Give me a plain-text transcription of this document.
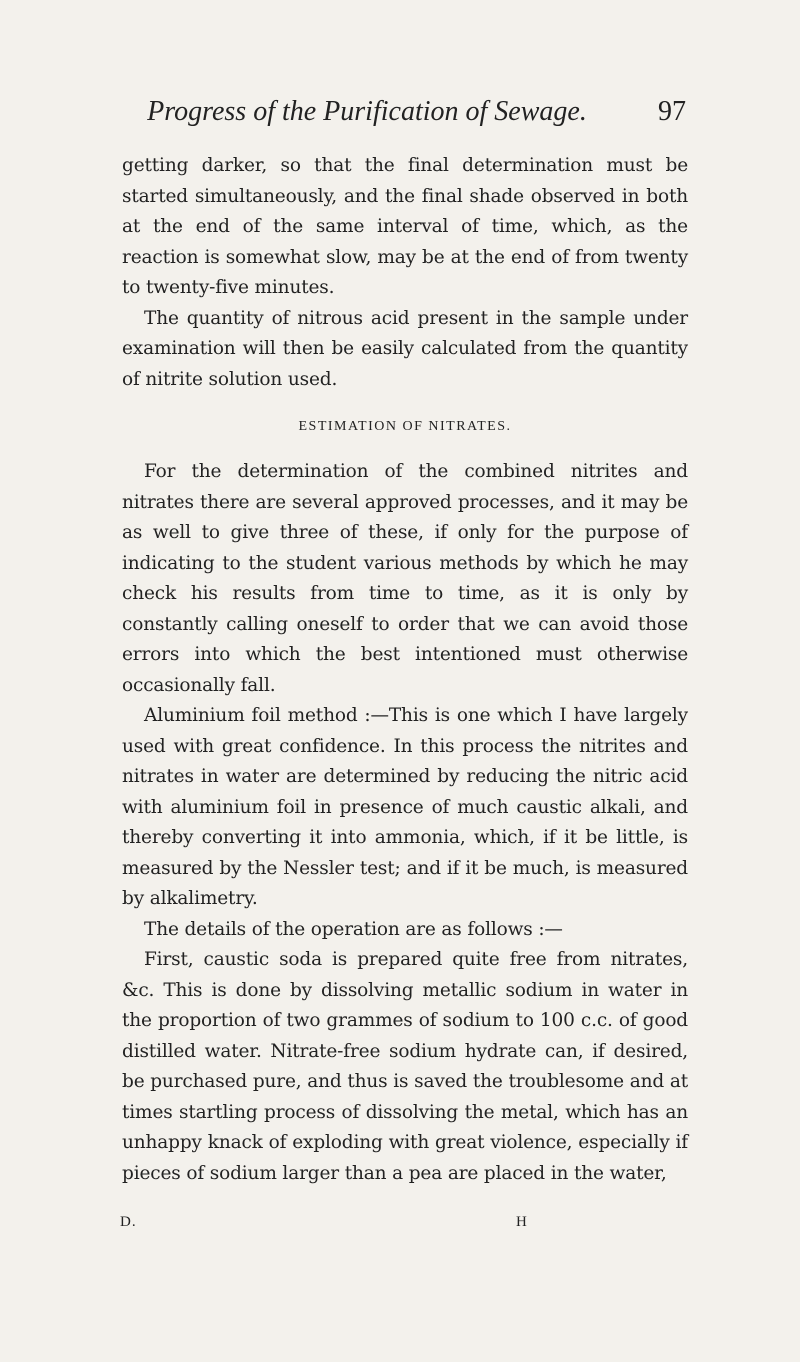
Progress of the Purification of Sewage.	97

getting darker, so that the final determination must be started simultaneously, and the final shade observed in both at the end of the same interval of time, which, as the reaction is somewhat slow, may be at the end of from twenty to twenty-five minutes.

The quantity of nitrous acid present in the sample under examination will then be easily calculated from the quantity of nitrite solution used.

ESTIMATION OF NITRATES.

For the determination of the combined nitrites and nitrates there are several approved processes, and it may be as well to give three of these, if only for the purpose of indicating to the student various methods by which he may check his results from time to time, as it is only by constantly calling oneself to order that we can avoid those errors into which the best intentioned must otherwise occasionally fall.

Aluminium foil method :—This is one which I have largely used with great confidence. In this process the nitrites and nitrates in water are determined by reducing the nitric acid with aluminium foil in presence of much caustic alkali, and thereby converting it into ammonia, which, if it be little, is measured by the Nessler test; and if it be much, is measured by alkalimetry.

The details of the operation are as follows :—

First, caustic soda is prepared quite free from nitrates, &c. This is done by dissolving metallic sodium in water in the proportion of two grammes of sodium to 100 c.c. of good distilled water. Nitrate-free sodium hydrate can, if desired, be purchased pure, and thus is saved the troublesome and at times startling process of dissolving the metal, which has an unhappy knack of exploding with great violence, especially if pieces of sodium larger than a pea are placed in the water,

D.	H
